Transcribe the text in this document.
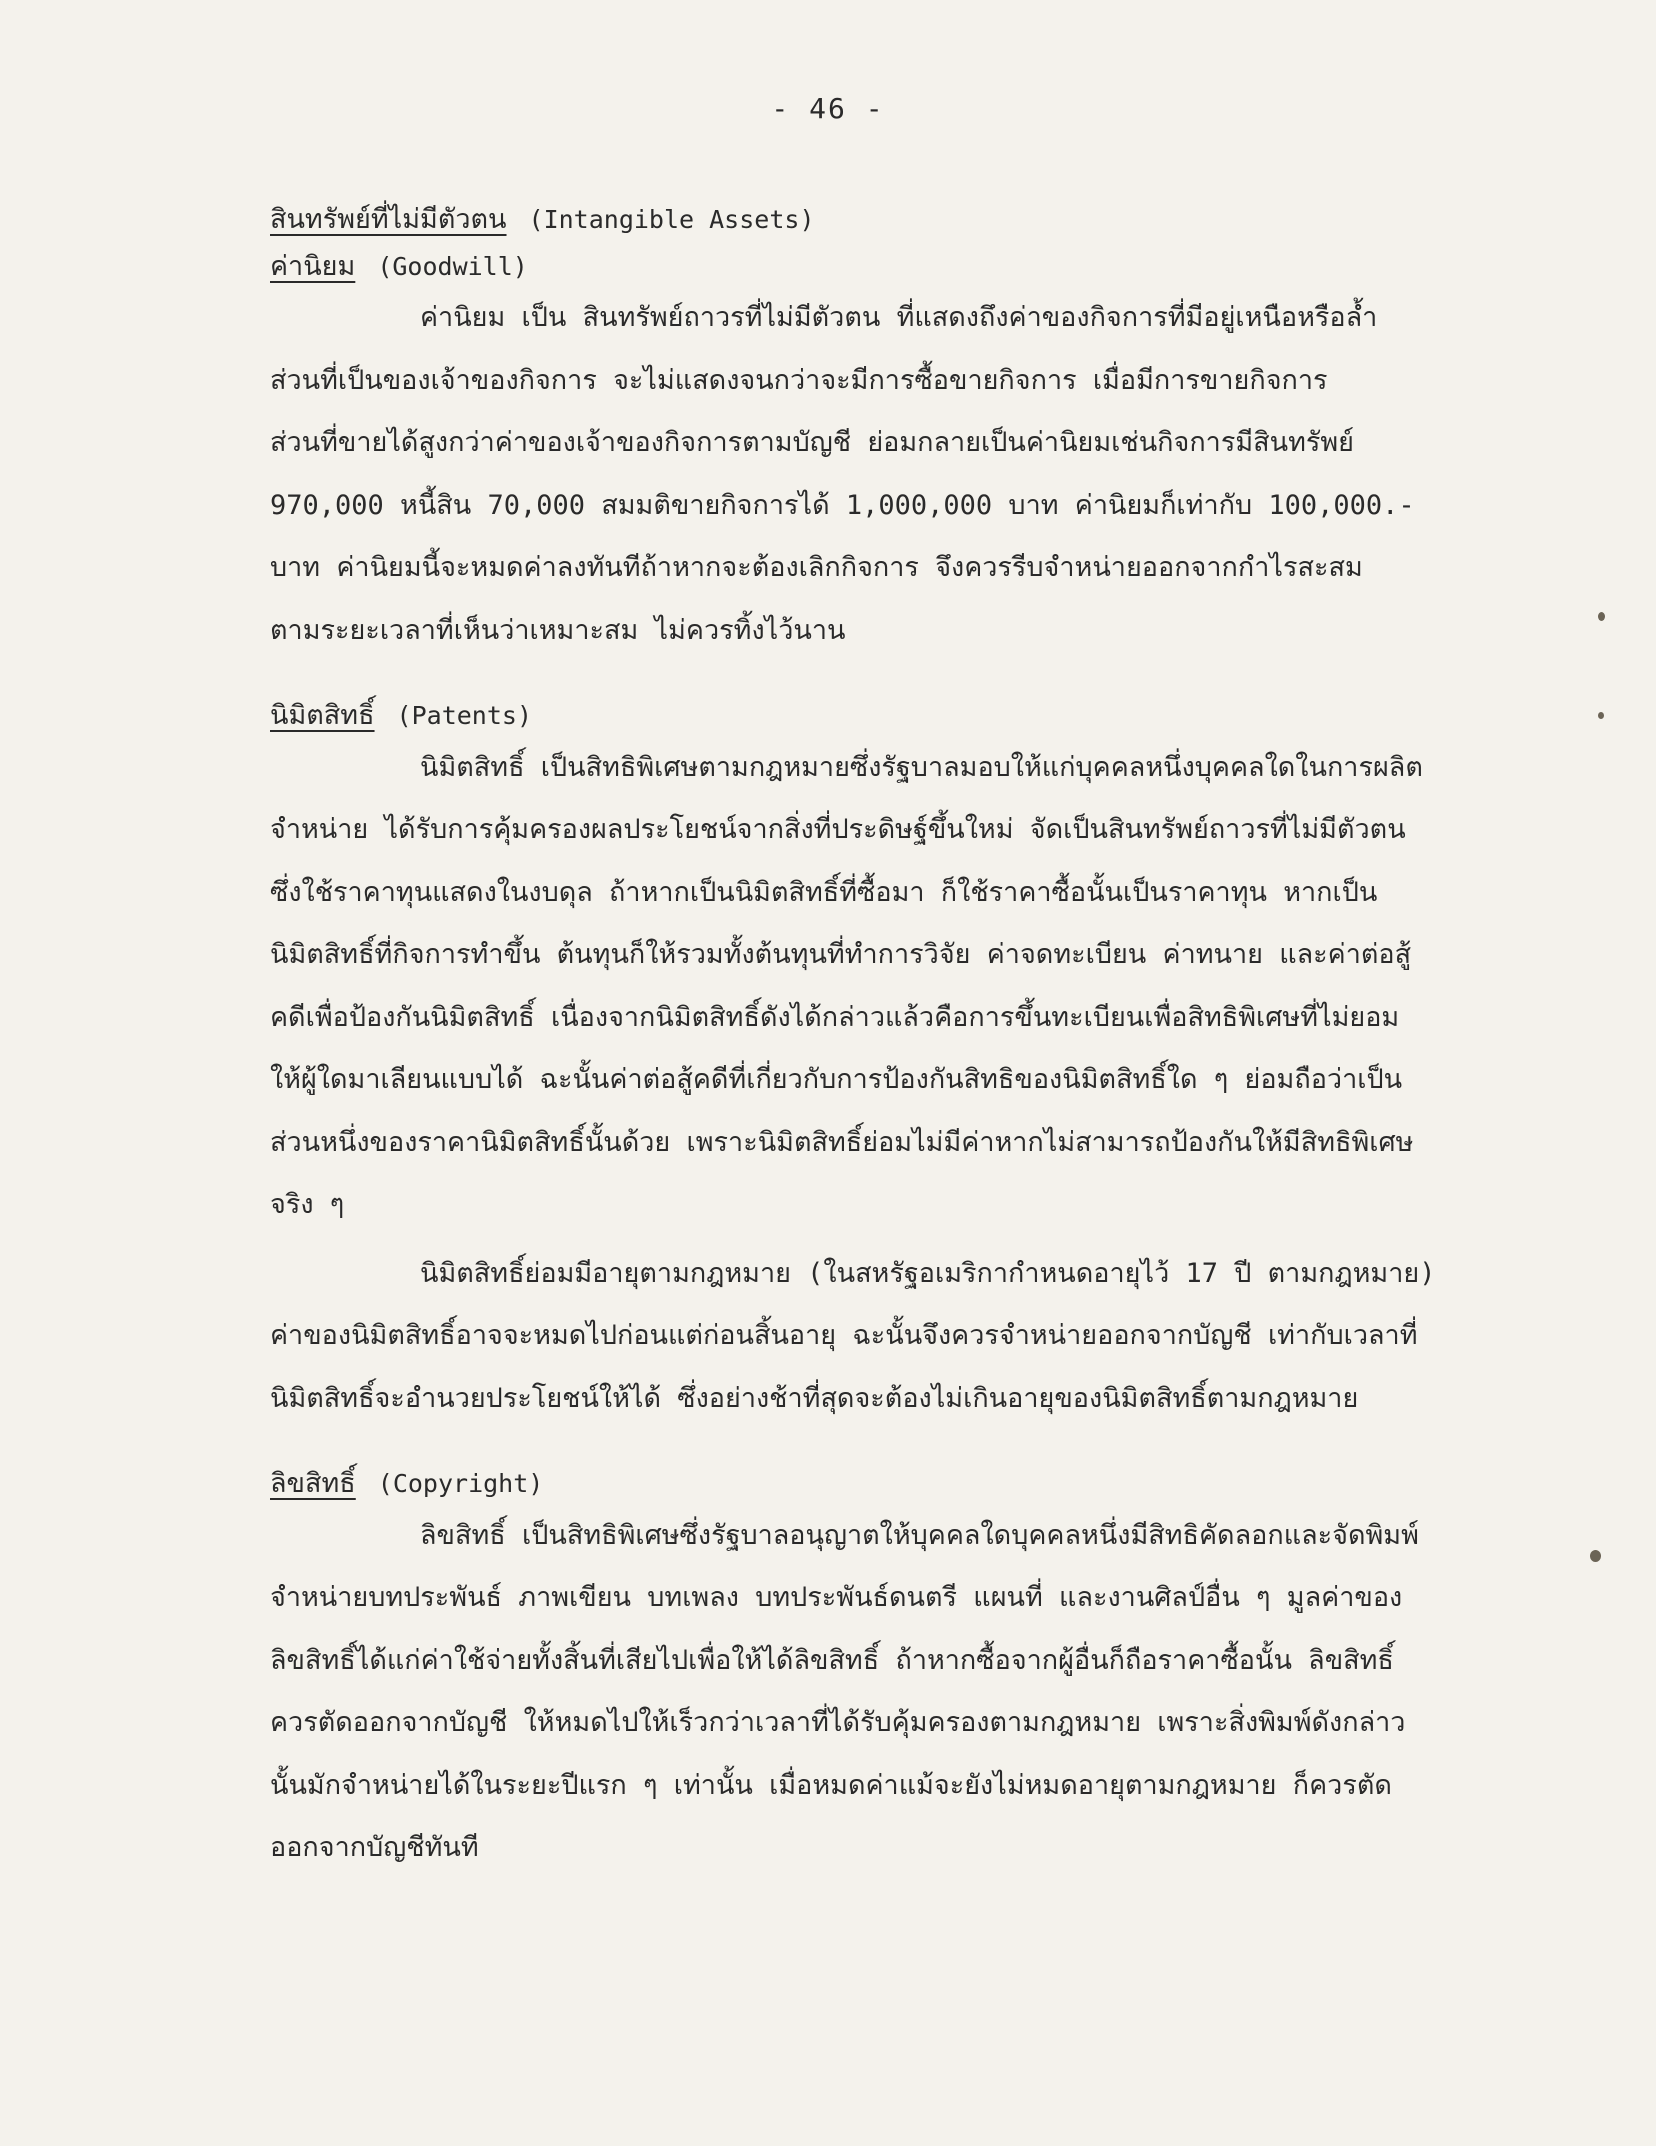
- 46 -

สินทรัพย์ที่ไม่มีตัวตน (Intangible Assets)

ค่านิยม (Goodwill)

ค่านิยม เป็น สินทรัพย์ถาวรที่ไม่มีตัวตน ที่แสดงถึงค่าของกิจการที่มีอยู่เหนือหรือล้ำ
ส่วนที่เป็นของเจ้าของกิจการ จะไม่แสดงจนกว่าจะมีการซื้อขายกิจการ เมื่อมีการขายกิจการ
ส่วนที่ขายได้สูงกว่าค่าของเจ้าของกิจการตามบัญชี ย่อมกลายเป็นค่านิยมเช่นกิจการมีสินทรัพย์
970,000 หนี้สิน 70,000 สมมติขายกิจการได้ 1,000,000 บาท ค่านิยมก็เท่ากับ 100,000.-
บาท ค่านิยมนี้จะหมดค่าลงทันทีถ้าหากจะต้องเลิกกิจการ จึงควรรีบจำหน่ายออกจากกำไรสะสม
ตามระยะเวลาที่เห็นว่าเหมาะสม ไม่ควรทิ้งไว้นาน

นิมิตสิทธิ์ (Patents)

นิมิตสิทธิ์ เป็นสิทธิพิเศษตามกฎหมายซึ่งรัฐบาลมอบให้แก่บุคคลหนึ่งบุคคลใดในการผลิต
จำหน่าย ได้รับการคุ้มครองผลประโยชน์จากสิ่งที่ประดิษฐ์ขึ้นใหม่ จัดเป็นสินทรัพย์ถาวรที่ไม่มีตัวตน
ซึ่งใช้ราคาทุนแสดงในงบดุล ถ้าหากเป็นนิมิตสิทธิ์ที่ซื้อมา ก็ใช้ราคาซื้อนั้นเป็นราคาทุน หากเป็น
นิมิตสิทธิ์ที่กิจการทำขึ้น ต้นทุนก็ให้รวมทั้งต้นทุนที่ทำการวิจัย ค่าจดทะเบียน ค่าทนาย และค่าต่อสู้
คดีเพื่อป้องกันนิมิตสิทธิ์ เนื่องจากนิมิตสิทธิ์ดังได้กล่าวแล้วคือการขึ้นทะเบียนเพื่อสิทธิพิเศษที่ไม่ยอม
ให้ผู้ใดมาเลียนแบบได้ ฉะนั้นค่าต่อสู้คดีที่เกี่ยวกับการป้องกันสิทธิของนิมิตสิทธิ์ใด ๆ ย่อมถือว่าเป็น
ส่วนหนึ่งของราคานิมิตสิทธิ์นั้นด้วย เพราะนิมิตสิทธิ์ย่อมไม่มีค่าหากไม่สามารถป้องกันให้มีสิทธิพิเศษ
จริง ๆ
นิมิตสิทธิ์ย่อมมีอายุตามกฎหมาย (ในสหรัฐอเมริกากำหนดอายุไว้ 17 ปี ตามกฎหมาย)
ค่าของนิมิตสิทธิ์อาจจะหมดไปก่อนแต่ก่อนสิ้นอายุ ฉะนั้นจึงควรจำหน่ายออกจากบัญชี เท่ากับเวลาที่
นิมิตสิทธิ์จะอำนวยประโยชน์ให้ได้ ซึ่งอย่างช้าที่สุดจะต้องไม่เกินอายุของนิมิตสิทธิ์ตามกฎหมาย

ลิขสิทธิ์ (Copyright)

ลิขสิทธิ์ เป็นสิทธิพิเศษซึ่งรัฐบาลอนุญาตให้บุคคลใดบุคคลหนึ่งมีสิทธิคัดลอกและจัดพิมพ์
จำหน่ายบทประพันธ์ ภาพเขียน บทเพลง บทประพันธ์ดนตรี แผนที่ และงานศิลป์อื่น ๆ มูลค่าของ
ลิขสิทธิ์ได้แก่ค่าใช้จ่ายทั้งสิ้นที่เสียไปเพื่อให้ได้ลิขสิทธิ์ ถ้าหากซื้อจากผู้อื่นก็ถือราคาซื้อนั้น ลิขสิทธิ์
ควรตัดออกจากบัญชี ให้หมดไปให้เร็วกว่าเวลาที่ได้รับคุ้มครองตามกฎหมาย เพราะสิ่งพิมพ์ดังกล่าว
นั้นมักจำหน่ายได้ในระยะปีแรก ๆ เท่านั้น เมื่อหมดค่าแม้จะยังไม่หมดอายุตามกฎหมาย ก็ควรตัด
ออกจากบัญชีทันที
